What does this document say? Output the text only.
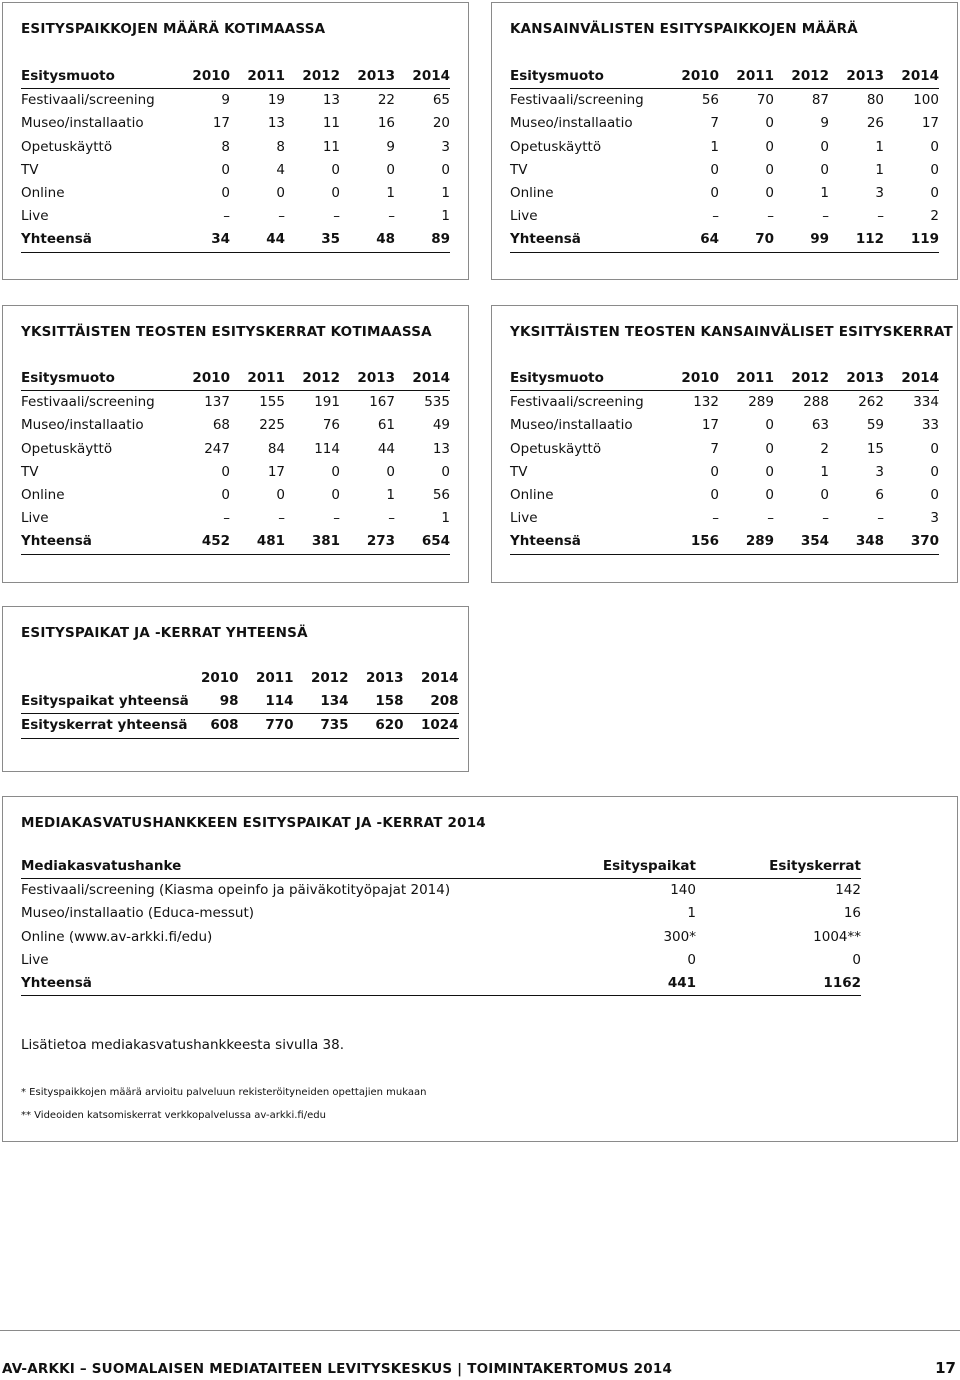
ESITYSPAIKKOJEN MÄÄRÄ KOTIMAASSA
Esitysmuoto	2010	2011	2012	2013	2014
Festivaali/screening	9	19	13	22	65
Museo/installaatio	17	13	11	16	20
Opetuskäyttö	8	8	11	9	3
TV	0	4	0	0	0
Online	0	0	0	1	1
Live	–	–	–	–	1
Yhteensä	34	44	35	48	89
KANSAINVÄLISTEN ESITYSPAIKKOJEN MÄÄRÄ
Esitysmuoto	2010	2011	2012	2013	2014
Festivaali/screening	56	70	87	80	100
Museo/installaatio	7	0	9	26	17
Opetuskäyttö	1	0	0	1	0
TV	0	0	0	1	0
Online	0	0	1	3	0
Live	–	–	–	–	2
Yhteensä	64	70	99	112	119
YKSITTÄISTEN TEOSTEN ESITYSKERRAT KOTIMAASSA
Esitysmuoto	2010	2011	2012	2013	2014
Festivaali/screening	137	155	191	167	535
Museo/installaatio	68	225	76	61	49
Opetuskäyttö	247	84	114	44	13
TV	0	17	0	0	0
Online	0	0	0	1	56
Live	–	–	–	–	1
Yhteensä	452	481	381	273	654
YKSITTÄISTEN TEOSTEN KANSAINVÄLISET ESITYSKERRAT
Esitysmuoto	2010	2011	2012	2013	2014
Festivaali/screening	132	289	288	262	334
Museo/installaatio	17	0	63	59	33
Opetuskäyttö	7	0	2	15	0
TV	0	0	1	3	0
Online	0	0	0	6	0
Live	–	–	–	–	3
Yhteensä	156	289	354	348	370
ESITYSPAIKAT JA -KERRAT YHTEENSÄ
	2010	2011	2012	2013	2014
Esityspaikat yhteensä	98	114	134	158	208
Esityskerrat yhteensä	608	770	735	620	1024
MEDIAKASVATUSHANKKEEN ESITYSPAIKAT JA -KERRAT 2014
Mediakasvatushanke	Esityspaikat	Esityskerrat
Festivaali/screening (Kiasma opeinfo ja päiväkotityöpajat 2014)	140	142
Museo/installaatio (Educa-messut)	1	16
Online (www.av-arkki.fi/edu)	300*	1004**
Live	0	0
Yhteensä	441	1162
Lisätietoa mediakasvatushankkeesta sivulla 38.
* Esityspaikkojen määrä arvioitu palveluun rekisteröityneiden opettajien mukaan
** Videoiden katsomiskerrat verkkopalvelussa av-arkki.fi/edu
AV-ARKKI – SUOMALAISEN MEDIATAITEEN LEVITYSKESKUS | TOIMINTAKERTOMUS 2014	17
